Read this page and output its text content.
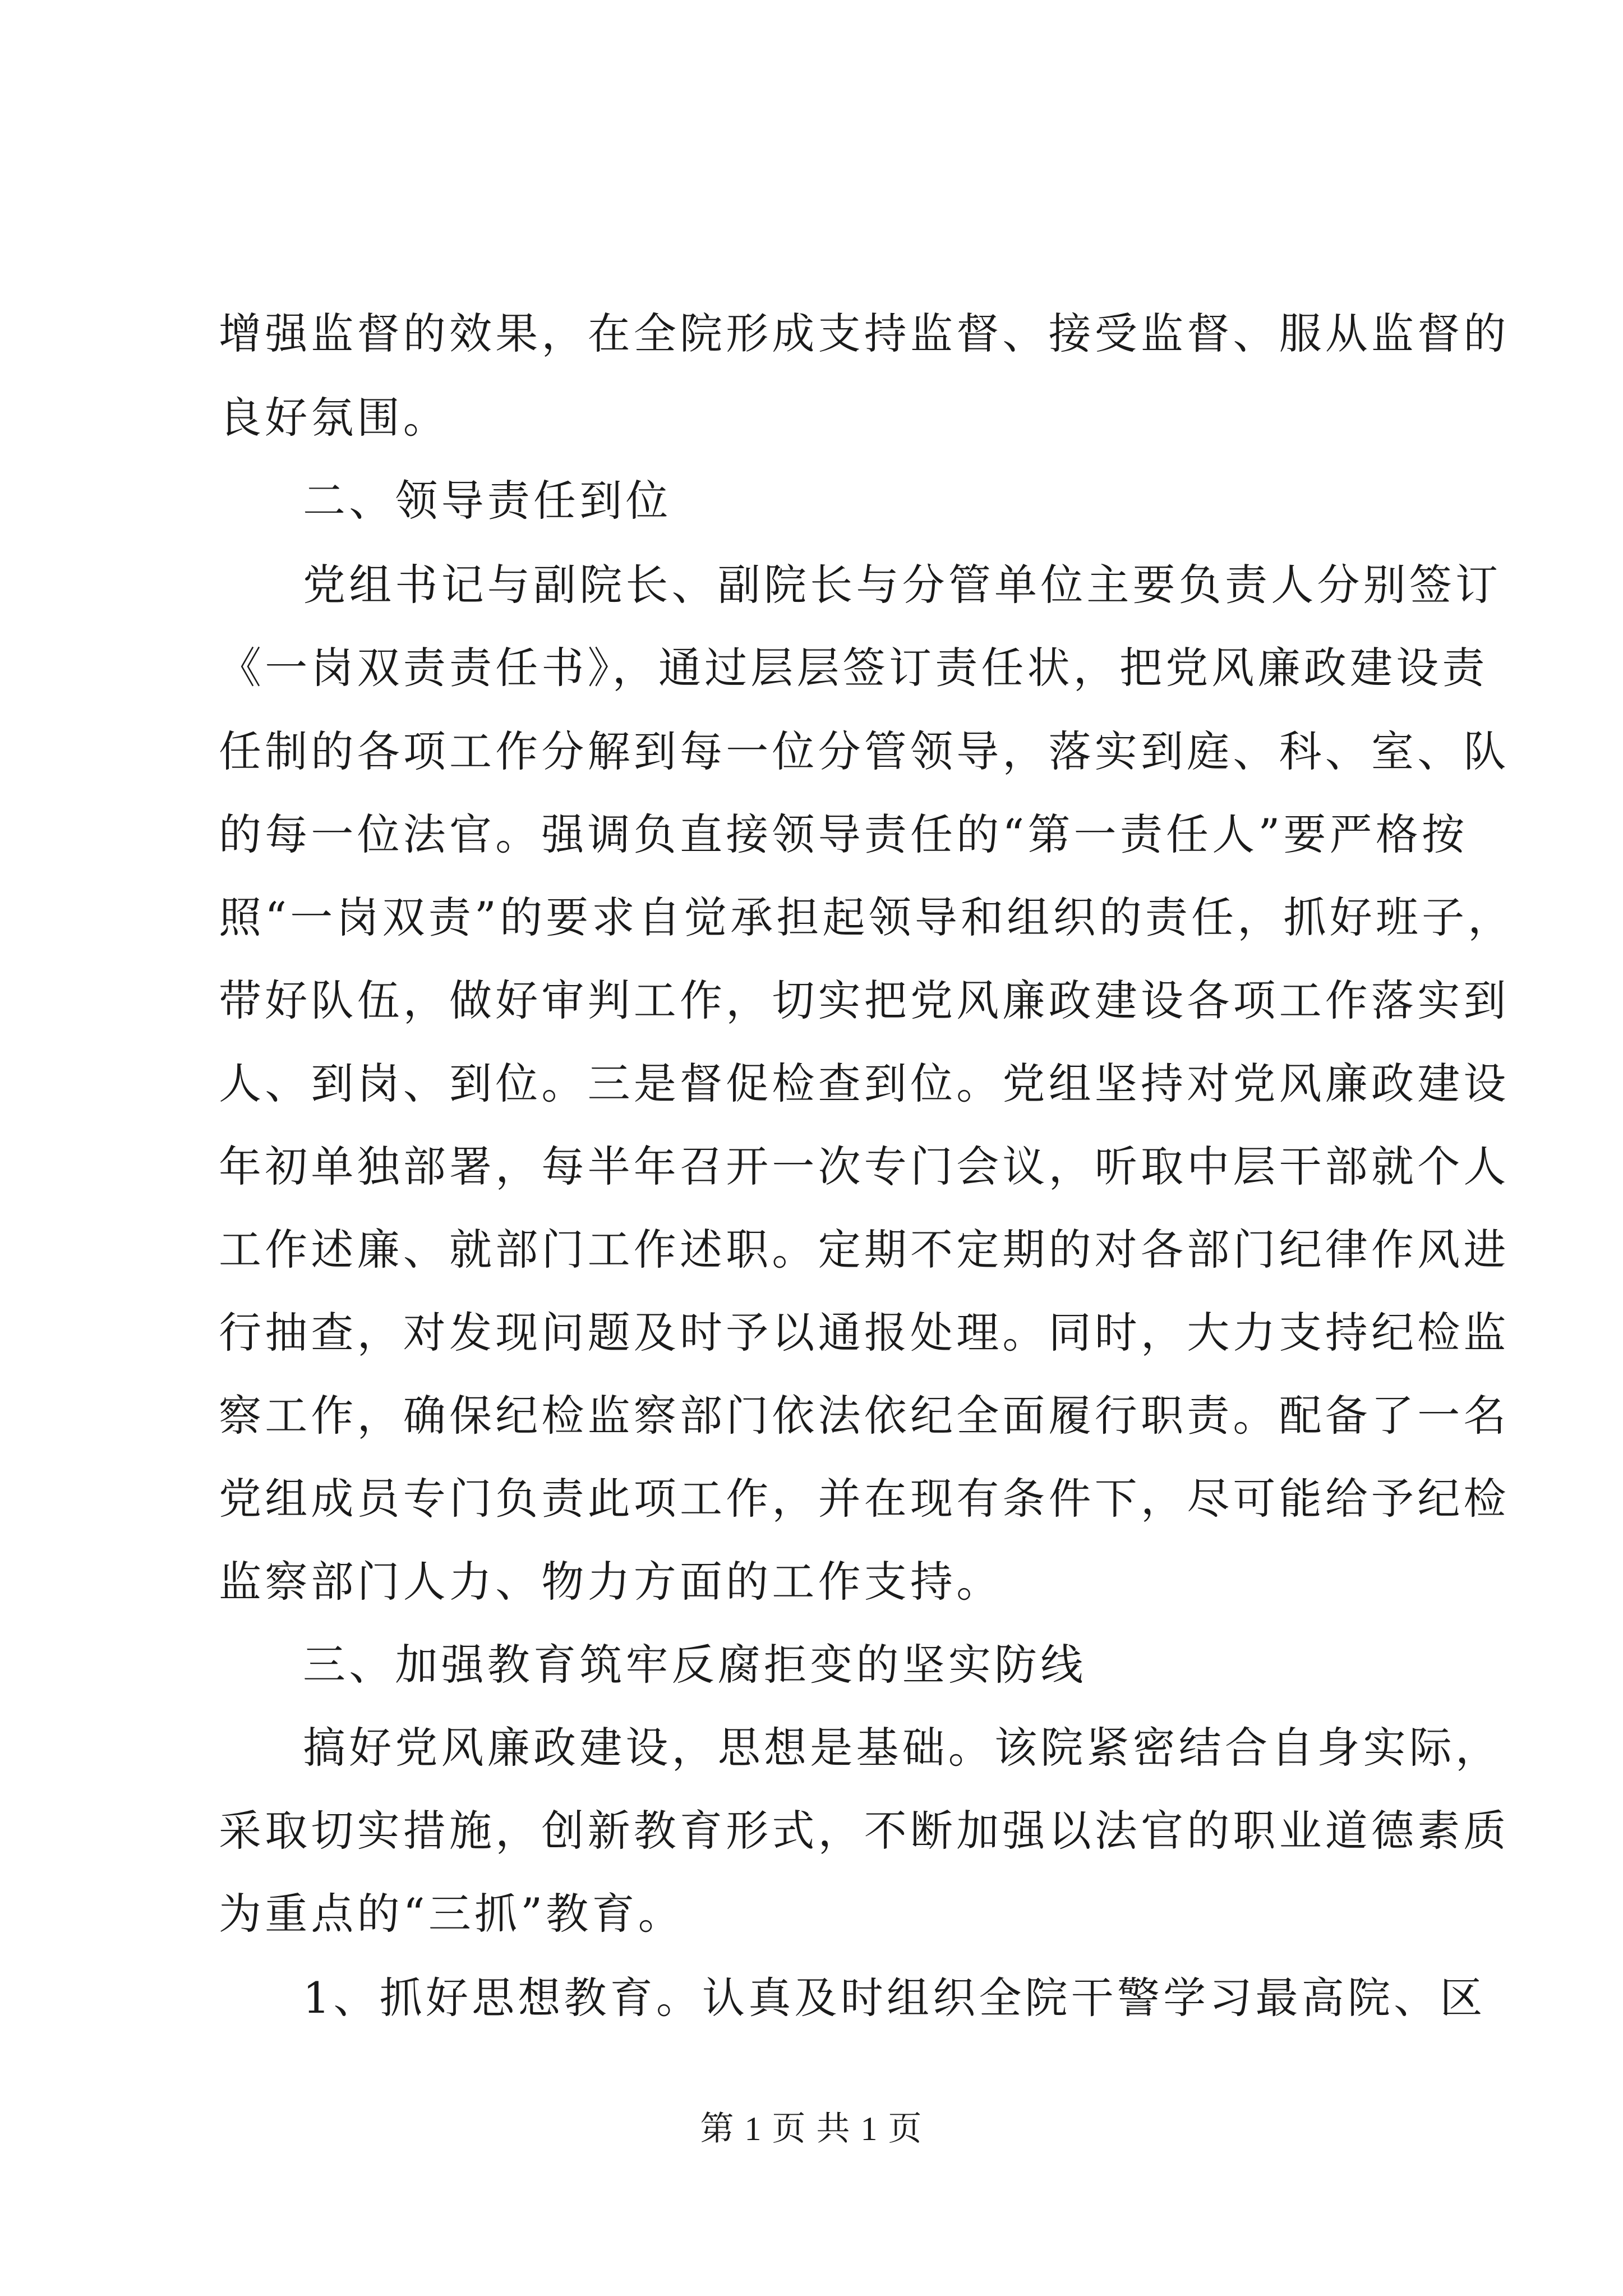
增强监督的效果，在全院形成支持监督、接受监督、服从监督的
良好氛围。
二、领导责任到位
党组书记与副院长、副院长与分管单位主要负责人分别签订
《一岗双责责任书》，通过层层签订责任状，把党风廉政建设责
任制的各项工作分解到每一位分管领导，落实到庭、科、室、队
的每一位法官。强调负直接领导责任的“第一责任人”要严格按
照“一岗双责”的要求自觉承担起领导和组织的责任，抓好班子，
带好队伍，做好审判工作，切实把党风廉政建设各项工作落实到
人、到岗、到位。三是督促检查到位。党组坚持对党风廉政建设
年初单独部署，每半年召开一次专门会议，听取中层干部就个人
工作述廉、就部门工作述职。定期不定期的对各部门纪律作风进
行抽查，对发现问题及时予以通报处理。同时，大力支持纪检监
察工作，确保纪检监察部门依法依纪全面履行职责。配备了一名
党组成员专门负责此项工作，并在现有条件下，尽可能给予纪检
监察部门人力、物力方面的工作支持。
三、加强教育筑牢反腐拒变的坚实防线
搞好党风廉政建设，思想是基础。该院紧密结合自身实际，
采取切实措施，创新教育形式，不断加强以法官的职业道德素质
为重点的“三抓”教育。
1、抓好思想教育。认真及时组织全院干警学习最高院、区
第 1 页 共 1 页
